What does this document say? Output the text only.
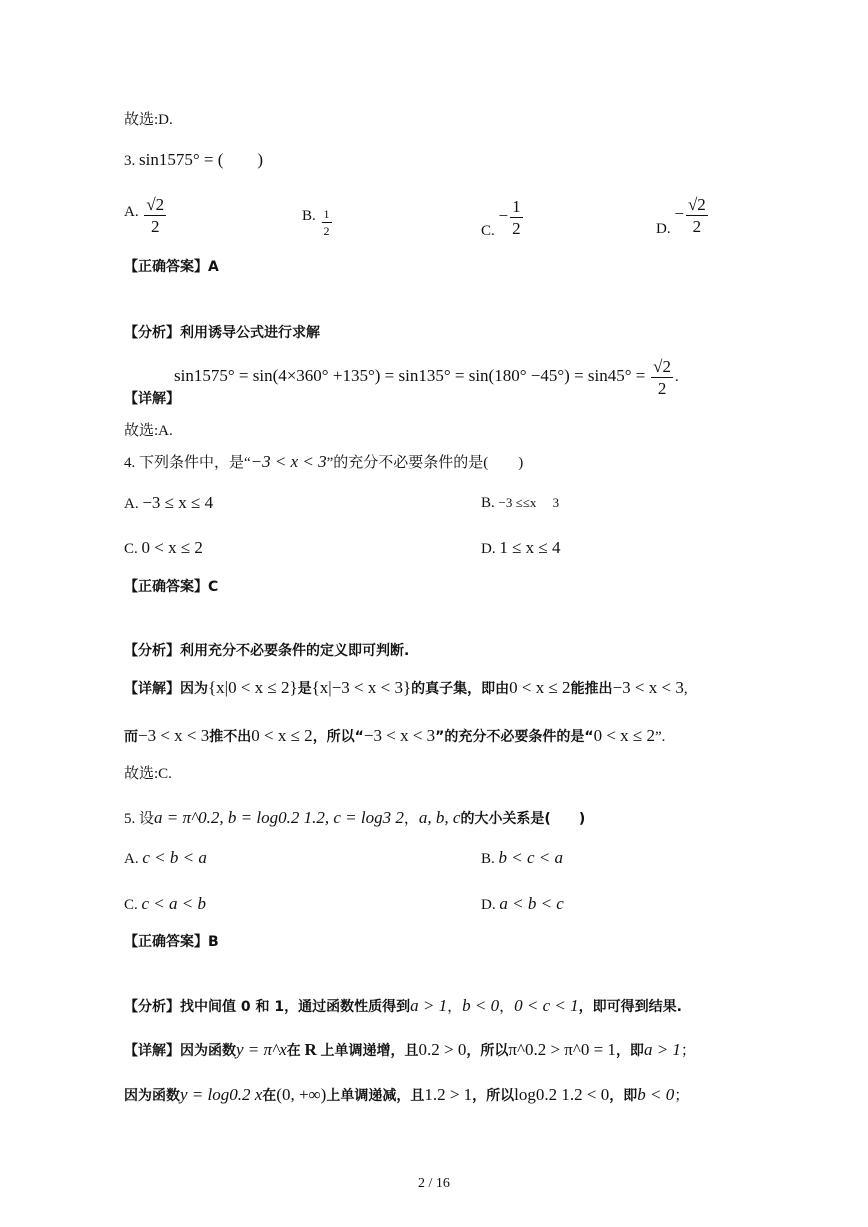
故选:D.
3. sin1575° = (　　)
A. $\frac{√2}{2}$	B. $\frac{1}{2}$	C. − $\frac{1}{2}$	D. − $\frac{√2}{2}$
【正确答案】A
【分析】利用诱导公式进行求解
$\sin 1575^\circ = \sin(4\times 360^\circ +135^\circ) = \sin 135^\circ = \sin(180^\circ -45^\circ) = \sin 45^\circ = \frac{√2}{2}$ .
【详解】
故选:A.
4. 下列条件中，是“−3 < x < 3”的充分不必要条件的是(　　)
A. −3 ≤ x ≤ 4	B. −3 ≤≤x　 3
C. 0 < x ≤ 2	D. 1 ≤ x ≤ 4
【正确答案】C
【分析】利用充分不必要条件的定义即可判断.
【详解】因为{x|0 < x ≤ 2}是{x|−3 < x < 3}的真子集，即由0 < x ≤ 2能推出−3 < x < 3,
而−3 < x < 3推不出0 < x ≤ 2，所以“−3 < x < 3”的充分不必要条件的是“0 < x ≤ 2”.
故选:C.
5. 设a = π^0.2, b = log0.2 1.2, c = log3 2，a, b, c的大小关系是(　　)
A. c < b < a	B. b < c < a
C. c < a < b	D. a < b < c
【正确答案】B
【分析】找中间值 0 和 1，通过函数性质得到a > 1，b < 0，0 < c < 1，即可得到结果.
【详解】因为函数y = π^x在 R 上单调递增，且0.2 > 0，所以π^0.2 > π^0 = 1，即a > 1；
因为函数y = log0.2 x在(0, +∞)上单调递减，且1.2 > 1，所以log0.2 1.2 < 0，即b < 0；
2 / 16
